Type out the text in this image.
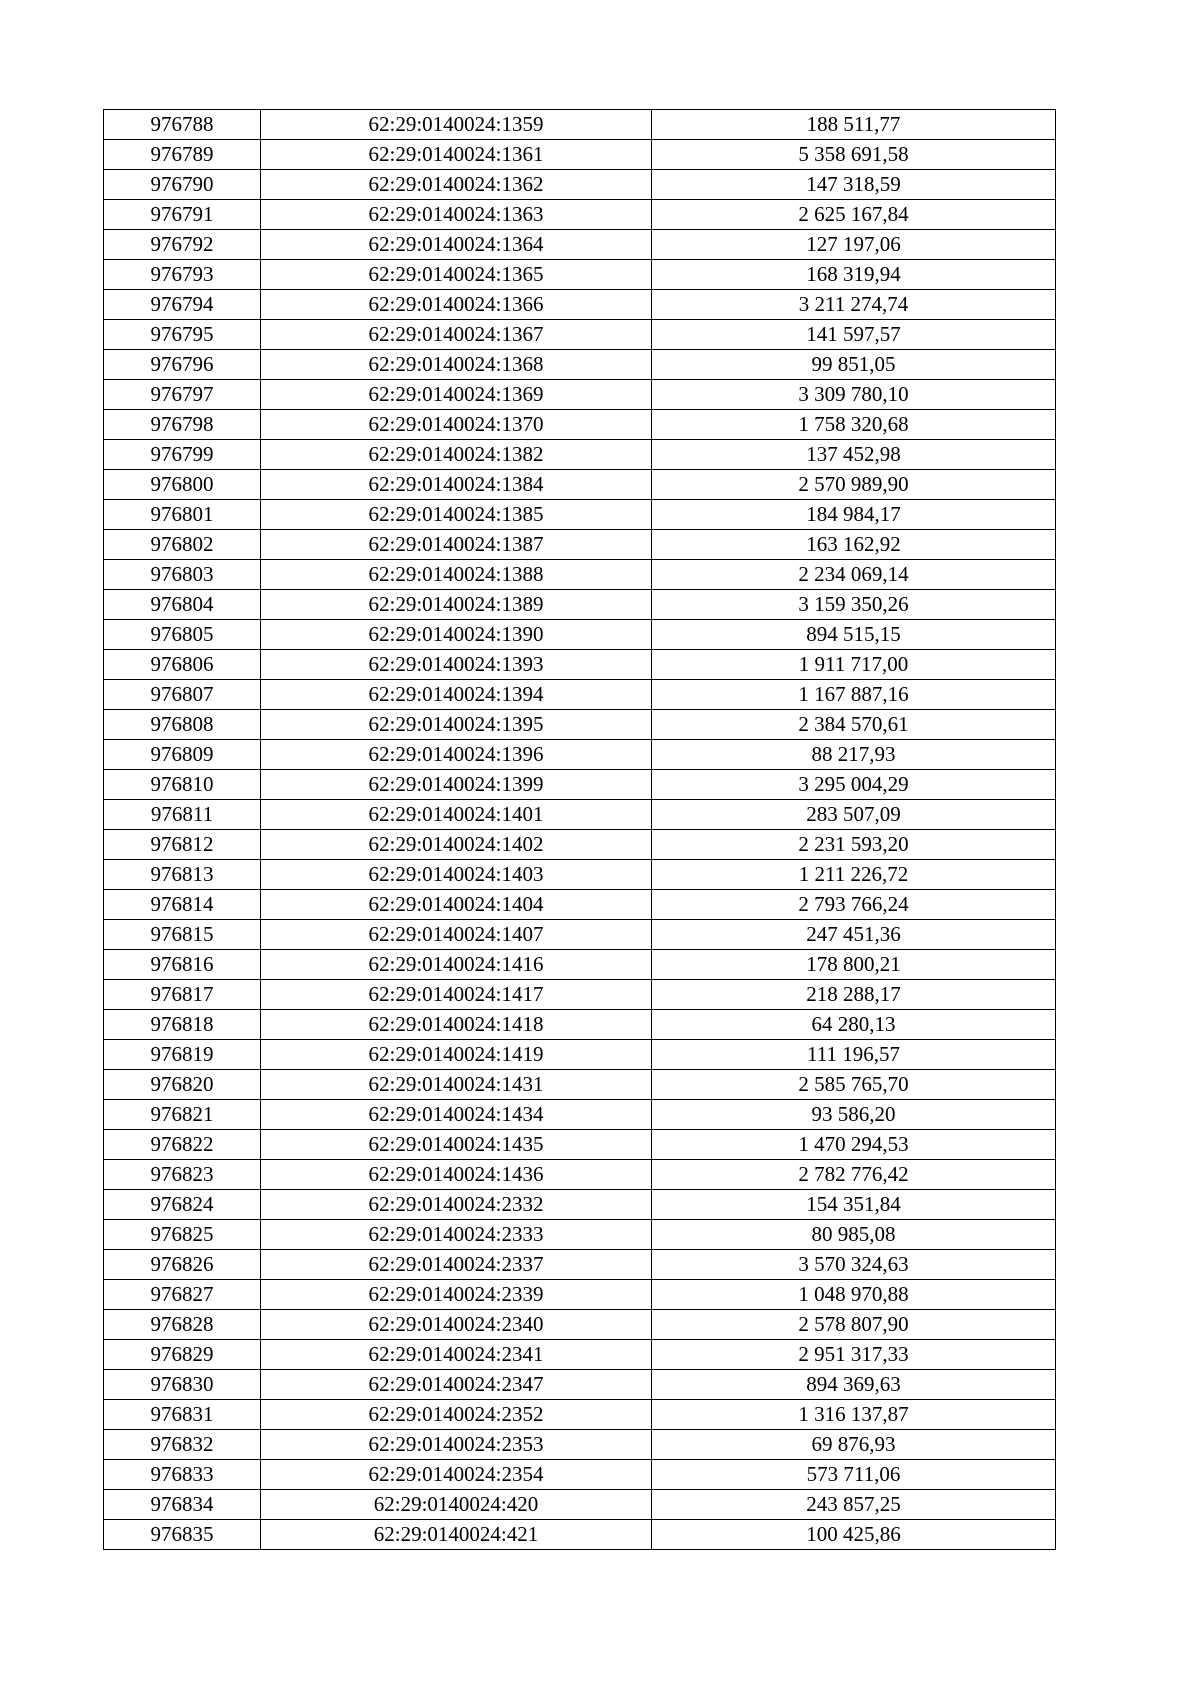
976788	62:29:0140024:1359	188 511,77
976789	62:29:0140024:1361	5 358 691,58
976790	62:29:0140024:1362	147 318,59
976791	62:29:0140024:1363	2 625 167,84
976792	62:29:0140024:1364	127 197,06
976793	62:29:0140024:1365	168 319,94
976794	62:29:0140024:1366	3 211 274,74
976795	62:29:0140024:1367	141 597,57
976796	62:29:0140024:1368	99 851,05
976797	62:29:0140024:1369	3 309 780,10
976798	62:29:0140024:1370	1 758 320,68
976799	62:29:0140024:1382	137 452,98
976800	62:29:0140024:1384	2 570 989,90
976801	62:29:0140024:1385	184 984,17
976802	62:29:0140024:1387	163 162,92
976803	62:29:0140024:1388	2 234 069,14
976804	62:29:0140024:1389	3 159 350,26
976805	62:29:0140024:1390	894 515,15
976806	62:29:0140024:1393	1 911 717,00
976807	62:29:0140024:1394	1 167 887,16
976808	62:29:0140024:1395	2 384 570,61
976809	62:29:0140024:1396	88 217,93
976810	62:29:0140024:1399	3 295 004,29
976811	62:29:0140024:1401	283 507,09
976812	62:29:0140024:1402	2 231 593,20
976813	62:29:0140024:1403	1 211 226,72
976814	62:29:0140024:1404	2 793 766,24
976815	62:29:0140024:1407	247 451,36
976816	62:29:0140024:1416	178 800,21
976817	62:29:0140024:1417	218 288,17
976818	62:29:0140024:1418	64 280,13
976819	62:29:0140024:1419	111 196,57
976820	62:29:0140024:1431	2 585 765,70
976821	62:29:0140024:1434	93 586,20
976822	62:29:0140024:1435	1 470 294,53
976823	62:29:0140024:1436	2 782 776,42
976824	62:29:0140024:2332	154 351,84
976825	62:29:0140024:2333	80 985,08
976826	62:29:0140024:2337	3 570 324,63
976827	62:29:0140024:2339	1 048 970,88
976828	62:29:0140024:2340	2 578 807,90
976829	62:29:0140024:2341	2 951 317,33
976830	62:29:0140024:2347	894 369,63
976831	62:29:0140024:2352	1 316 137,87
976832	62:29:0140024:2353	69 876,93
976833	62:29:0140024:2354	573 711,06
976834	62:29:0140024:420	243 857,25
976835	62:29:0140024:421	100 425,86
